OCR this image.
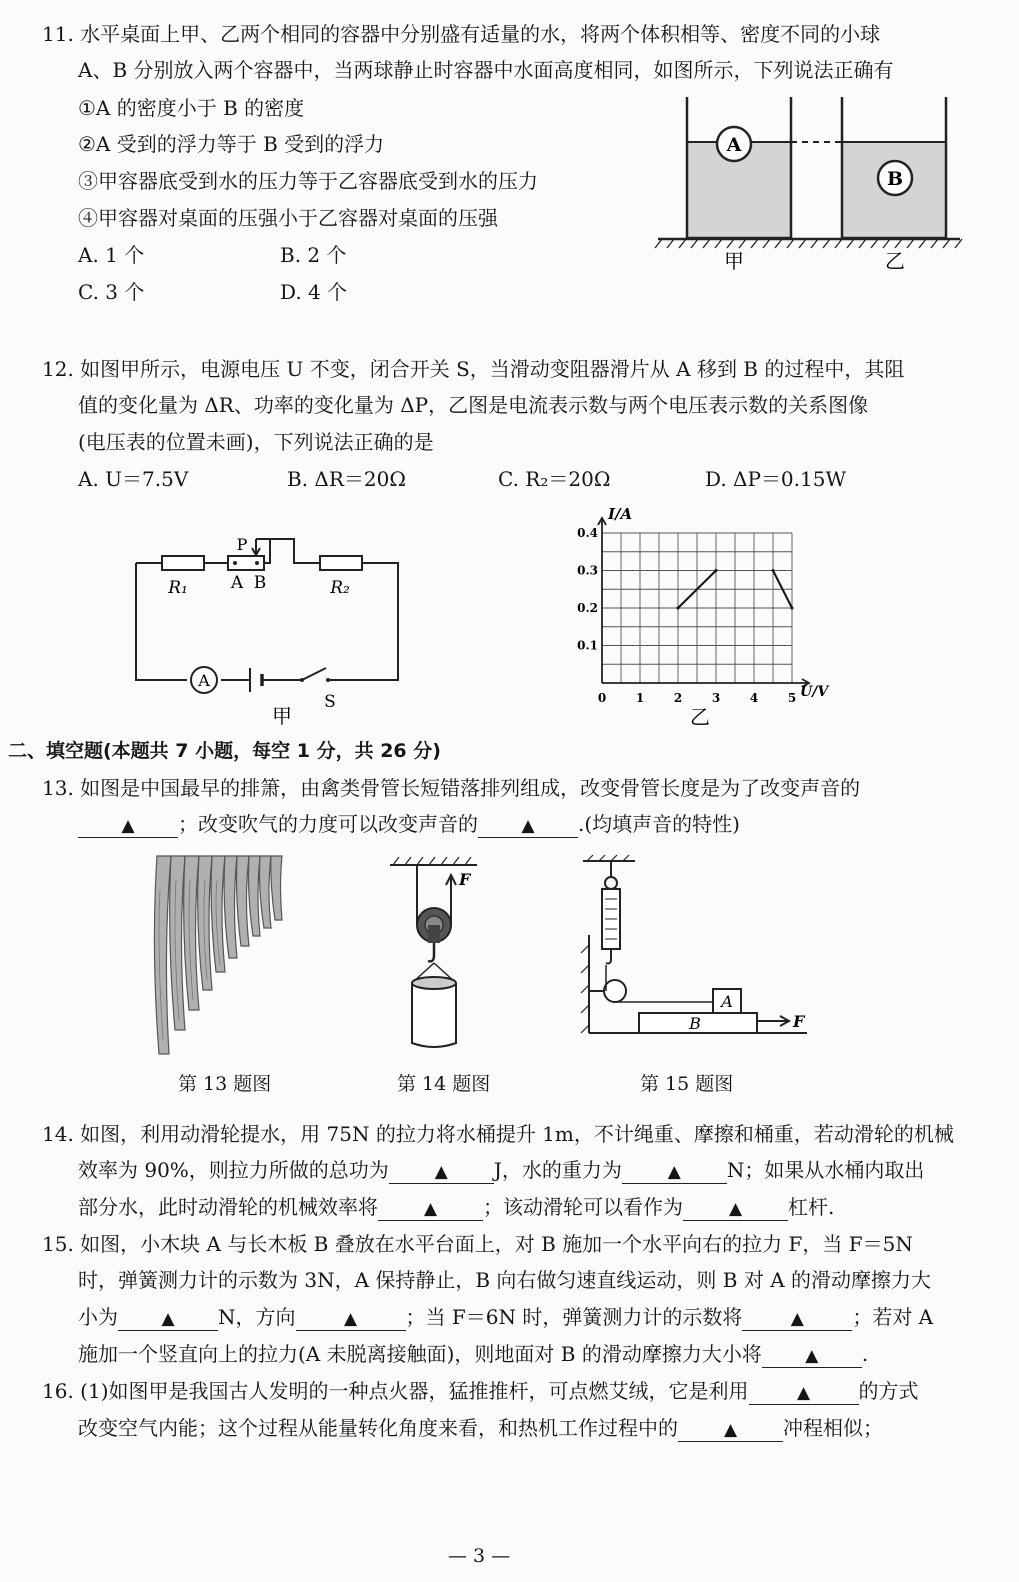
11. 水平桌面上甲、乙两个相同的容器中分别盛有适量的水，将两个体积相等、密度不同的小球
A、B 分别放入两个容器中，当两球静止时容器中水面高度相同，如图所示，下列说法正确有
①A 的密度小于 B 的密度
②A 受到的浮力等于 B 受到的浮力
③甲容器底受到水的压力等于乙容器底受到水的压力
④甲容器对桌面的压强小于乙容器对桌面的压强
A. 1 个	B. 2 个
C. 3 个	D. 4 个
A
B
甲	乙
12. 如图甲所示，电源电压 U 不变，闭合开关 S，当滑动变阻器滑片从 A 移到 B 的过程中，其阻
值的变化量为 ΔR、功率的变化量为 ΔP，乙图是电流表示数与两个电压表示数的关系图像
(电压表的位置未画)，下列说法正确的是
A. U＝7.5V	B. ΔR＝20Ω	C. R₂＝20Ω	D. ΔP＝0.15W
R₁
P
A B	R₂
A
S
甲
0 1 2 3 4 5
0.1
0.2
0.3
0.4
I/A
U/V
乙
二、填空题(本题共 7 小题，每空 1 分，共 26 分)
13. 如图是中国最早的排箫，由禽类骨管长短错落排列组成，改变骨管长度是为了改变声音的
▲ ；改变吹气的力度可以改变声音的	▲ .(均填声音的特性)
F
A
B	F
第 13 题图	第 14 题图	第 15 题图
14. 如图，利用动滑轮提水，用 75N 的拉力将水桶提升 1m，不计绳重、摩擦和桶重，若动滑轮的机械
效率为 90%，则拉力所做的总功为	▲ J，水的重力为	▲ N；如果从水桶内取出
部分水，此时动滑轮的机械效率将	▲ ；该动滑轮可以看作为	▲ 杠杆.
15. 如图，小木块 A 与长木板 B 叠放在水平台面上，对 B 施加一个水平向右的拉力 F，当 F＝5N
时，弹簧测力计的示数为 3N，A 保持静止，B 向右做匀速直线运动，则 B 对 A 的滑动摩擦力大
小为	▲ N，方向	▲ ；当 F＝6N 时，弹簧测力计的示数将	▲ ；若对 A
施加一个竖直向上的拉力(A 未脱离接触面)，则地面对 B 的滑动摩擦力大小将	▲ .
16. (1)如图甲是我国古人发明的一种点火器，猛推推杆，可点燃艾绒，它是利用	▲ 的方式
改变空气内能；这个过程从能量转化角度来看，和热机工作过程中的	▲ 冲程相似；
— 3 —
